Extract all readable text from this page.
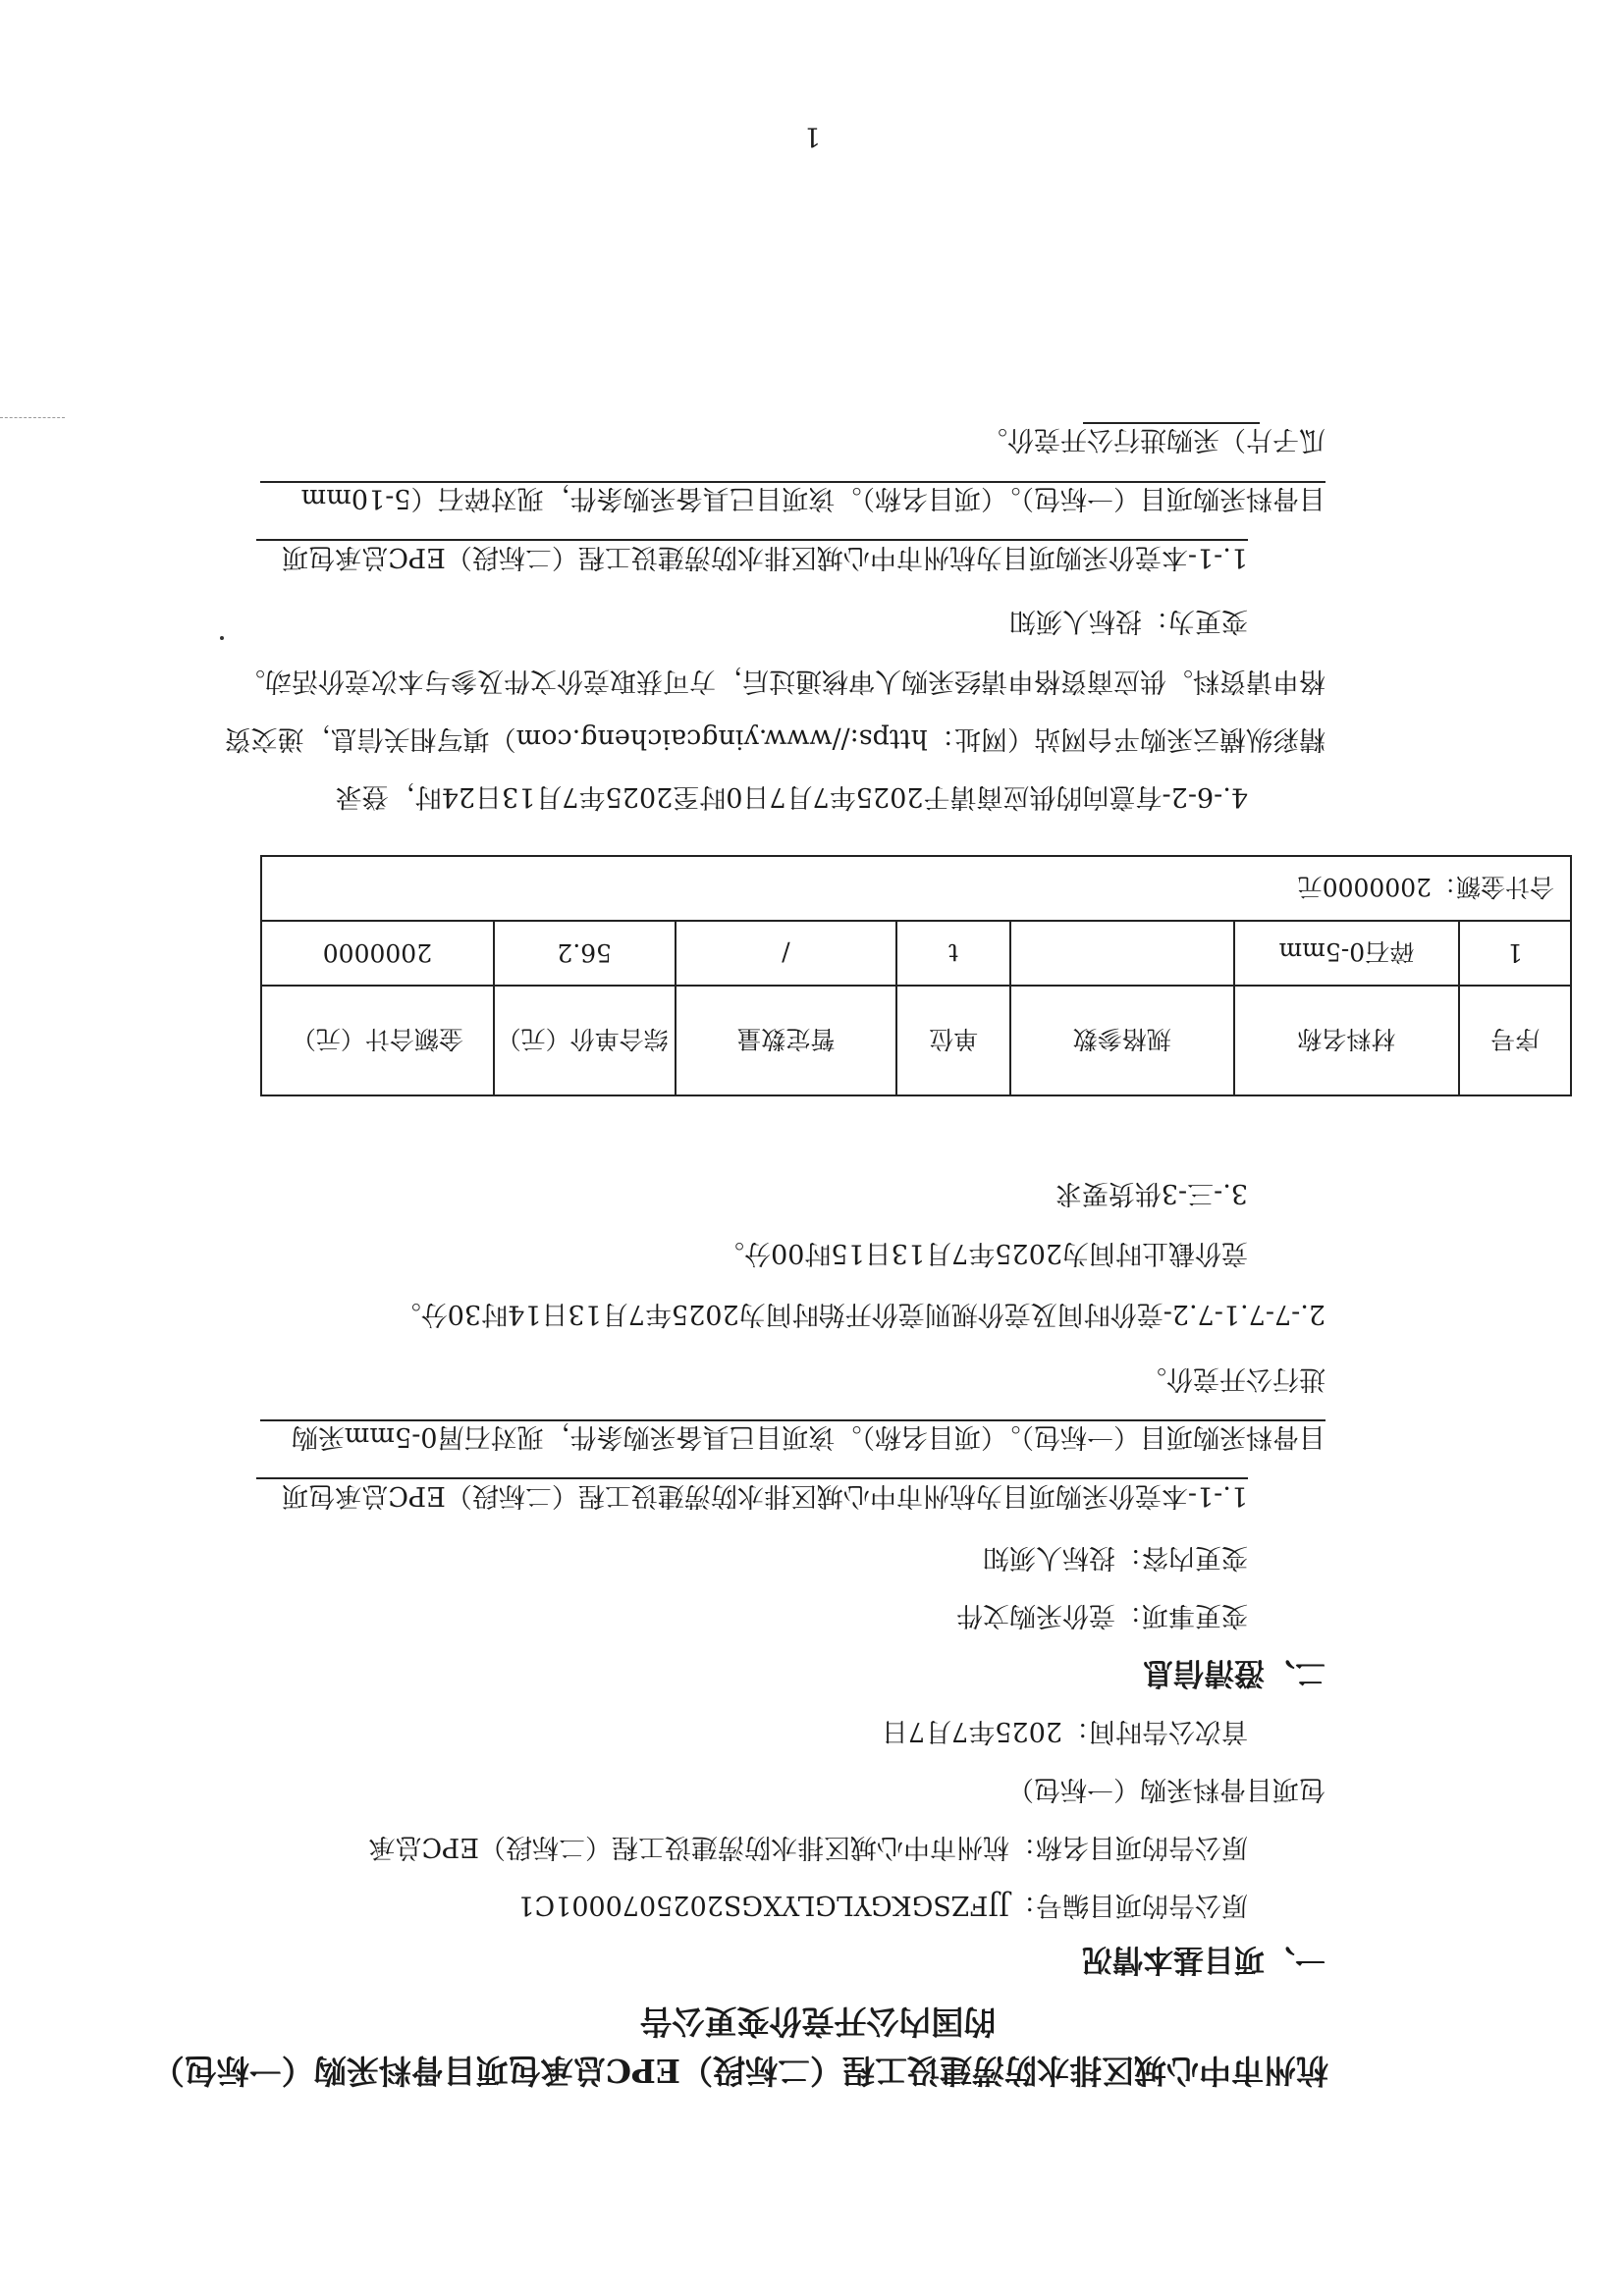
杭州市中心城区排水防涝建设工程（二标段）EPC总承包项目骨料采购（一标包）
的国内公开竞价变更公告
一、项目基本情况
原公告的项目编号：JJFZSGKGYLGLYXGS2025070001C1
原公告的项目名称：杭州市中心城区排水防涝建设工程（二标段）EPC总承
包项目骨料采购（一标包）
首次公告时间：2025年7月7日
二、澄清信息
变更事项：竞价采购文件
变更内容：投标人须知
1.-1-本竞价采购项目为杭州市中心城区排水防涝建设工程（二标段）EPC总承包项
目骨料采购项目（一标包）。（项目名称）。该项目已具备采购条件，现对石屑0-5mm采购
进行公开竞价。
2.-7-7.1-7.2-竞价时间及竞价规则竞价开始时间为2025年7月13日14时30分。
竞价截止时间为2025年7月13日15时00分。
3.-三-3供货要求
序号	材料名称	规格参数	单位	暂定数量	综合单价（元）	金额合计（元）
1	碎石0-5mm		t	/	56.2	2000000
合计金额：2000000元						
4.-6-2-有意向的供应商请于2025年7月7日0时至2025年7月13日24时，登录
精彩纵横云采购平台网站（网址：https://www.yingcaicheng.com）填写相关信息，递交资
格申请资料。供应商资格申请经采购人审核通过后，方可获取竞价文件及参与本次竞价活动。
变更为：投标人须知
1.-1-本竞价采购项目为杭州市中心城区排水防涝建设工程（二标段）EPC总承包项
目骨料采购项目（一标包）。（项目名称）。该项目已具备采购条件，现对碎石（5-10mm
瓜子片）采购进行公开竞价。
1
